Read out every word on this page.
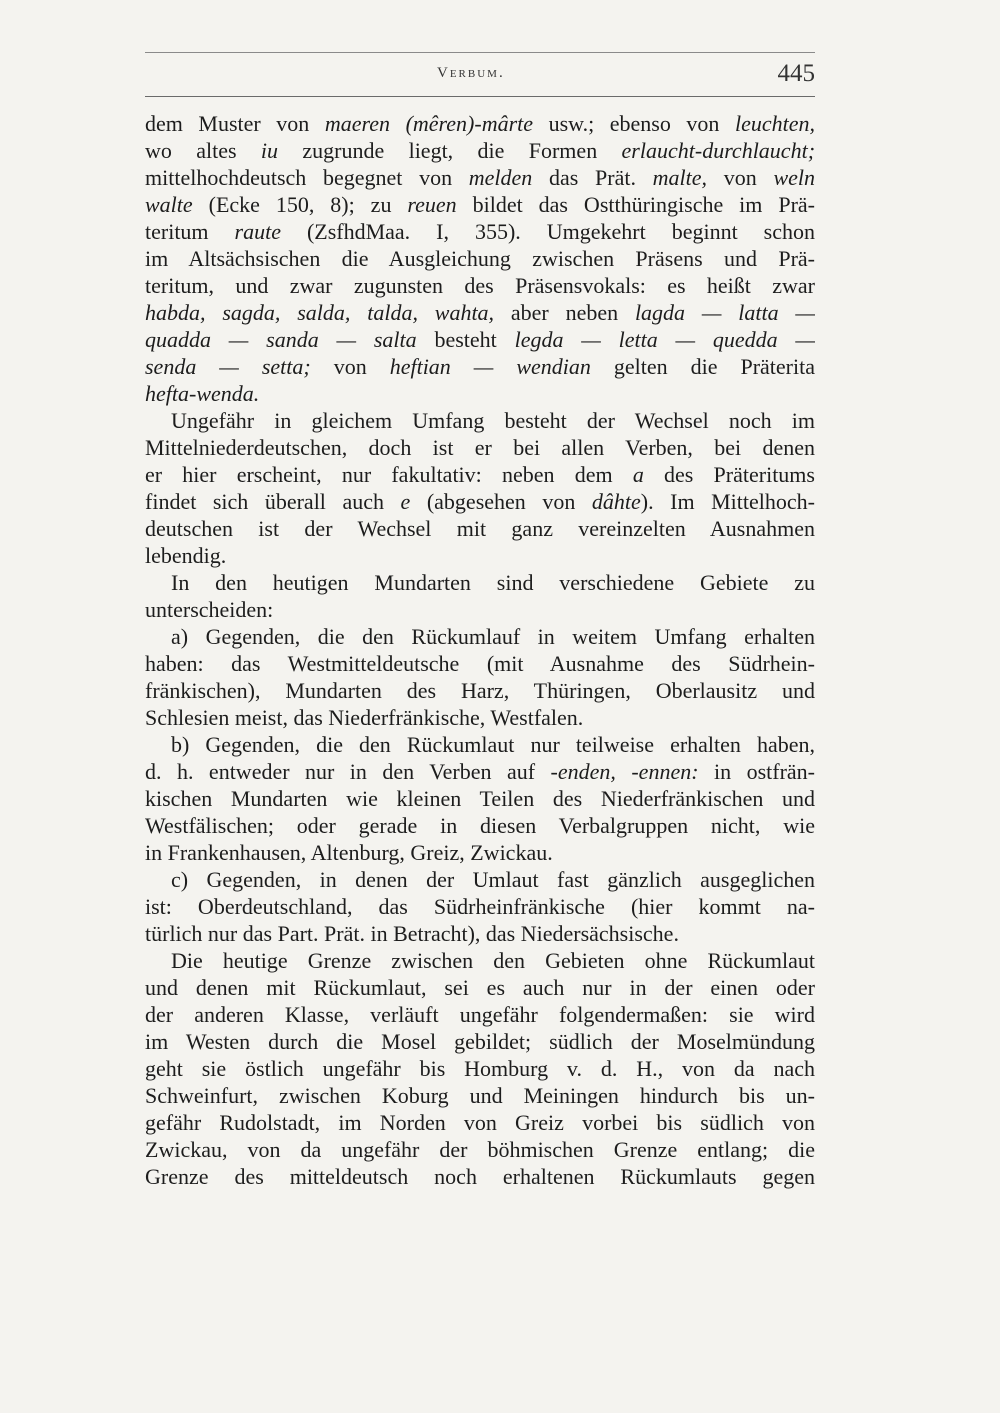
Verbum.	445
dem Muster von maeren (mêren)-mârte usw.; ebenso von leuchten,
wo altes iu zugrunde liegt, die Formen erlaucht-durchlaucht;
mittelhochdeutsch begegnet von melden das Prät. malte, von weln
walte (Ecke 150, 8); zu reuen bildet das Ostthüringische im Prä-
teritum raute (ZsfhdMaa. I, 355). Umgekehrt beginnt schon
im Altsächsischen die Ausgleichung zwischen Präsens und Prä-
teritum, und zwar zugunsten des Präsensvokals: es heißt zwar
habda, sagda, salda, talda, wahta, aber neben lagda — latta —
quadda — sanda — salta besteht legda — letta — quedda —
senda — setta; von heftian — wendian gelten die Präterita
hefta-wenda.
Ungefähr in gleichem Umfang besteht der Wechsel noch im
Mittelniederdeutschen, doch ist er bei allen Verben, bei denen
er hier erscheint, nur fakultativ: neben dem a des Präteritums
findet sich überall auch e (abgesehen von dâhte). Im Mittelhoch-
deutschen ist der Wechsel mit ganz vereinzelten Ausnahmen
lebendig.
In den heutigen Mundarten sind verschiedene Gebiete zu
unterscheiden:
a) Gegenden, die den Rückumlauf in weitem Umfang erhalten
haben: das Westmitteldeutsche (mit Ausnahme des Südrhein-
fränkischen), Mundarten des Harz, Thüringen, Oberlausitz und
Schlesien meist, das Niederfränkische, Westfalen.
b) Gegenden, die den Rückumlaut nur teilweise erhalten haben,
d. h. entweder nur in den Verben auf -enden, -ennen: in ostfrän-
kischen Mundarten wie kleinen Teilen des Niederfränkischen und
Westfälischen; oder gerade in diesen Verbalgruppen nicht, wie
in Frankenhausen, Altenburg, Greiz, Zwickau.
c) Gegenden, in denen der Umlaut fast gänzlich ausgeglichen
ist: Oberdeutschland, das Südrheinfränkische (hier kommt na-
türlich nur das Part. Prät. in Betracht), das Niedersächsische.
Die heutige Grenze zwischen den Gebieten ohne Rückumlaut
und denen mit Rückumlaut, sei es auch nur in der einen oder
der anderen Klasse, verläuft ungefähr folgendermaßen: sie wird
im Westen durch die Mosel gebildet; südlich der Moselmündung
geht sie östlich ungefähr bis Homburg v. d. H., von da nach
Schweinfurt, zwischen Koburg und Meiningen hindurch bis un-
gefähr Rudolstadt, im Norden von Greiz vorbei bis südlich von
Zwickau, von da ungefähr der böhmischen Grenze entlang; die
Grenze des mitteldeutsch noch erhaltenen Rückumlauts gegen
